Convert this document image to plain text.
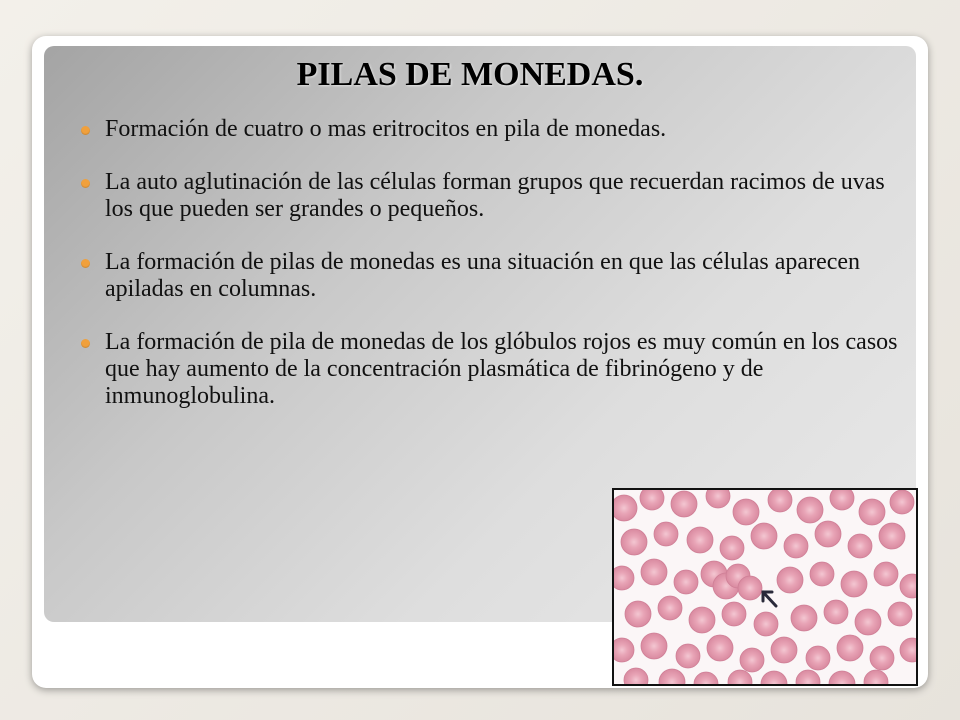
PILAS DE MONEDAS.
Formación de cuatro o mas eritrocitos en pila de monedas.
La auto aglutinación de las células forman grupos que recuerdan racimos de uvas los que pueden ser grandes o pequeños.
La formación de pilas de monedas es una situación en que las células aparecen apiladas en columnas.
La formación de pila de monedas de los glóbulos rojos es muy común en los casos que hay aumento de la concentración plasmática de fibrinógeno y de inmunoglobulina.
